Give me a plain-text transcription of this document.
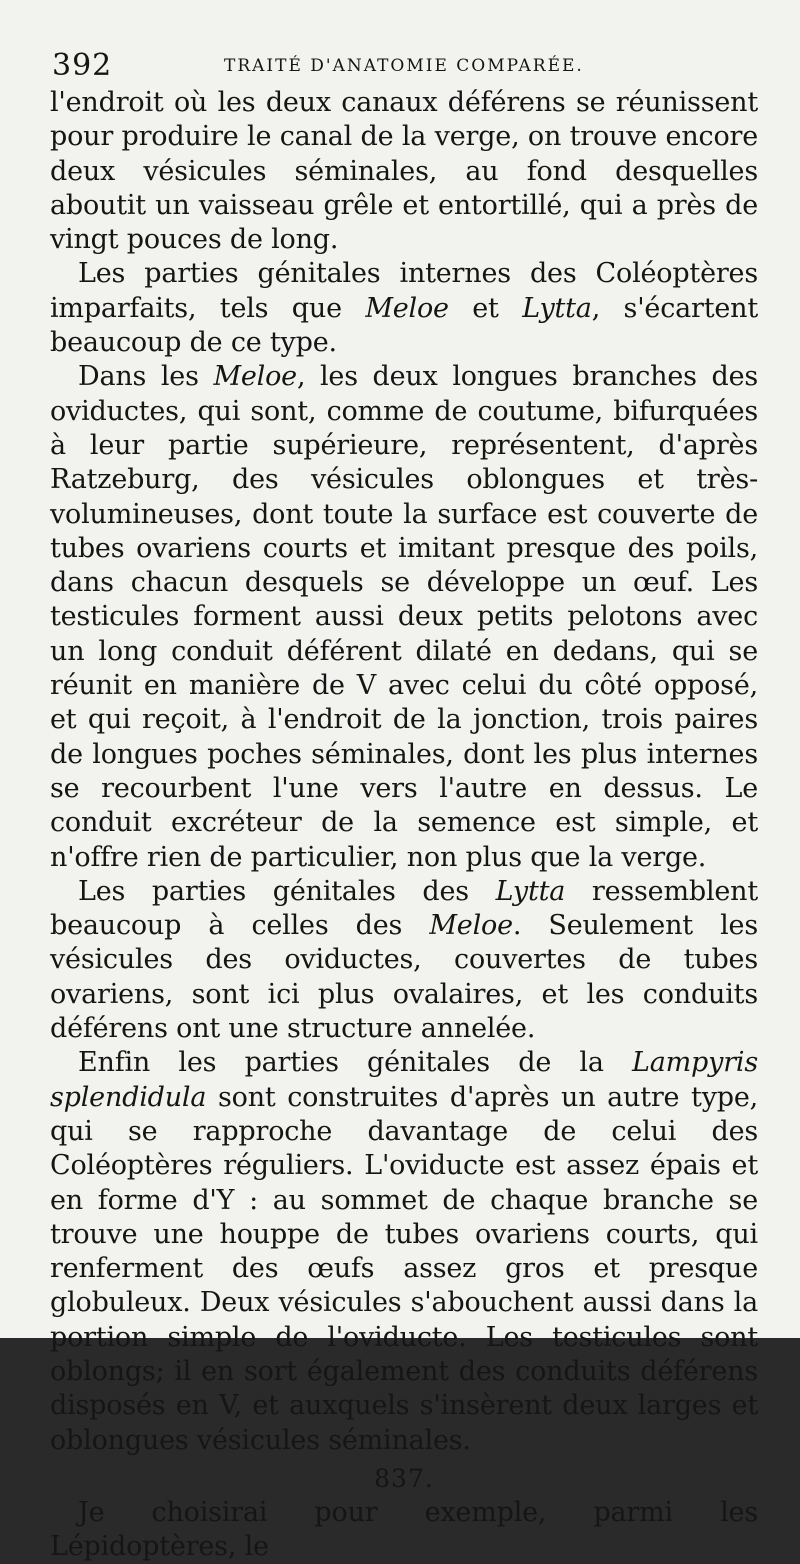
392	TRAITÉ D'ANATOMIE COMPARÉE.

l'endroit où les deux canaux déférens se réunissent pour produire le canal de la verge, on trouve encore deux vésicules séminales, au fond desquelles aboutit un vaisseau grêle et entortillé, qui a près de vingt pouces de long.

Les parties génitales internes des Coléoptères imparfaits, tels que Meloe et Lytta, s'écartent beaucoup de ce type.

Dans les Meloe, les deux longues branches des oviductes, qui sont, comme de coutume, bifurquées à leur partie supérieure, représentent, d'après Ratzeburg, des vésicules oblongues et très-volumineuses, dont toute la surface est couverte de tubes ovariens courts et imitant presque des poils, dans chacun desquels se développe un œuf. Les testicules forment aussi deux petits pelotons avec un long conduit déférent dilaté en dedans, qui se réunit en manière de V avec celui du côté opposé, et qui reçoit, à l'endroit de la jonction, trois paires de longues poches séminales, dont les plus internes se recourbent l'une vers l'autre en dessus. Le conduit excréteur de la semence est simple, et n'offre rien de particulier, non plus que la verge.

Les parties génitales des Lytta ressemblent beaucoup à celles des Meloe. Seulement les vésicules des oviductes, couvertes de tubes ovariens, sont ici plus ovalaires, et les conduits déférens ont une structure annelée.

Enfin les parties génitales de la Lampyris splendidula sont construites d'après un autre type, qui se rapproche davantage de celui des Coléoptères réguliers. L'oviducte est assez épais et en forme d'Y : au sommet de chaque branche se trouve une houppe de tubes ovariens courts, qui renferment des œufs assez gros et presque globuleux. Deux vésicules s'abouchent aussi dans la portion simple de l'oviducte. Les testicules sont oblongs; il en sort également des conduits déférens disposés en V, et auxquels s'insèrent deux larges et oblongues vésicules séminales.

837.

Je choisirai pour exemple, parmi les Lépidoptères, le
